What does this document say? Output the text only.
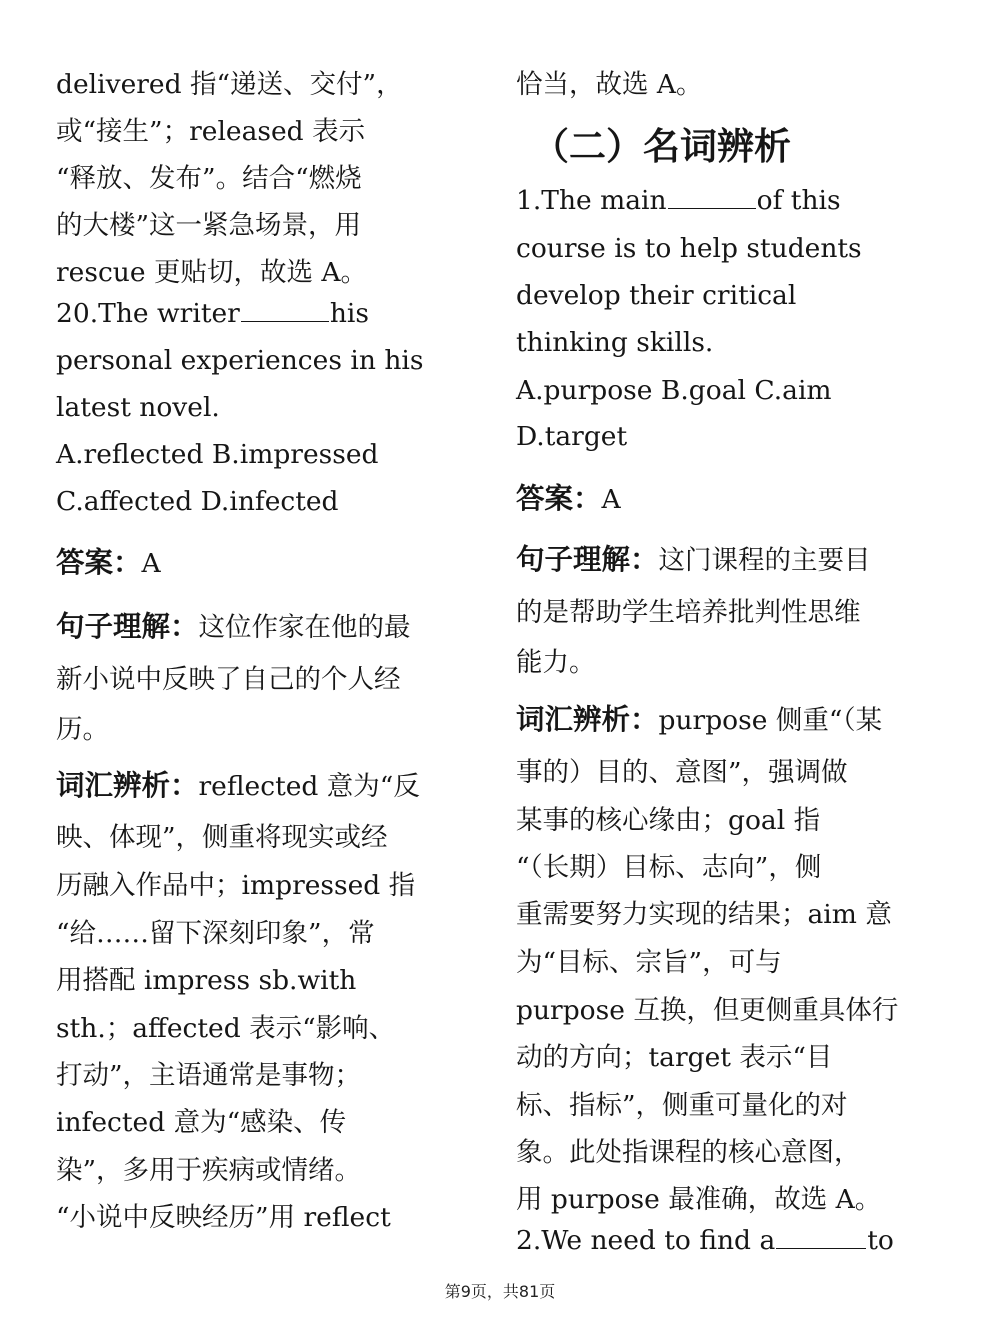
delivered 指“递送、交付”，
或“接生”；released 表示
“释放、发布”。结合“燃烧
的大楼”这一紧急场景，用
rescue 更贴切，故选 A。
20.The writer	his
personal experiences in his
latest novel.
A.reflected B.impressed
C.affected D.infected
答案：A
句子理解：这位作家在他的最
新小说中反映了自己的个人经
历。
词汇辨析：reflected 意为“反
映、体现”，侧重将现实或经
历融入作品中；impressed 指
“给……留下深刻印象”，常
用搭配 impress sb.with
sth.；affected 表示“影响、
打动”，主语通常是事物；
infected 意为“感染、传
染”，多用于疾病或情绪。
“小说中反映经历”用 reflect
恰当，故选 A。
（二）名词辨析
1.The main	of this
course is to help students
develop their critical
thinking skills.
A.purpose B.goal C.aim
D.target
答案：A
句子理解：这门课程的主要目
的是帮助学生培养批判性思维
能力。
词汇辨析：purpose 侧重“（某
事的）目的、意图”，强调做
某事的核心缘由；goal 指
“（长期）目标、志向”，侧
重需要努力实现的结果；aim 意
为“目标、宗旨”，可与
purpose 互换，但更侧重具体行
动的方向；target 表示“目
标、指标”，侧重可量化的对
象。此处指课程的核心意图，
用 purpose 最准确，故选 A。
2.We need to find a	to
第9页，共81页
